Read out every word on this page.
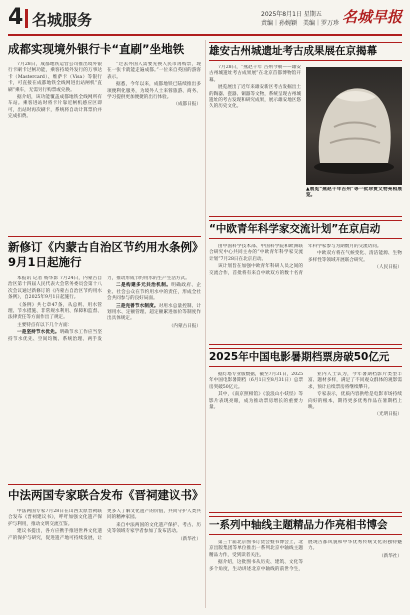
4 名城服务	2025年8月1日 星期五
责编｜孙婉颖　美编｜罗万珍 名城早报
成都实现境外银行卡“直刷”坐地铁

7月28日，成都地铁运营公司推出境外银行卡刷卡过闸功能，乘客持境外发行的万事达卡（Mastercard）、维萨卡（Visa）等银行卡，可直接在成都地铁全线网进出站闸机“直刷”乘车，无需另行购票或兑换。

据介绍，该功能覆盖成都地铁全线网所有车站。乘客进站时将卡片靠近闸机感应区即可，出站时再次刷卡，系统将自动计算票价并完成扣费。

“过去外国人需要先换人民币再购票，现在一张卡就能走遍成都。”一位来自英国的游客表示。

据悉，今年以来，成都地铁已陆续推出多项便利化服务，为境外人士来蓉旅游、商务、学习提供更加便捷的出行体验。

（成都日报）
新修订《内蒙古自治区节约用水条例》9月1日起施行

本报讯 记者 杨华影 7月24日，内蒙古自治区第十四届人民代表大会常务委员会第十八次会议通过新修订的《内蒙古自治区节约用水条例》，自2025年9月1日起施行。

《条例》共七章47条，从总则、用水管理、节水措施、非常规水利用、保障和监督、法律责任等方面作出了规定。

主要特点有以下几个方面：

一是坚持节水优先。明确节水工作应当坚持节水优先、空间均衡、系统治理、两手发力，推动形成节约用水的生产生活方式。

二是构建多元共治机制。明确政府、企业、社会公众在节约用水中的责任，形成全社会共同参与的良好局面。

三是完善节水制度。对用水总量控制、计划用水、定额管理、超定额累进加价等制度作出具体规定。

（内蒙古日报）
中法两国专家联合发布《晋祠建议书》

中法两国专家7月28日在山西太原晋祠联合发布《晋祠建议书》，呼吁加强文化遗产保护与利用，推动文明交流互鉴。

建议书提出，各方应携手推进世界文化遗产的保护与研究，促进遗产地可持续发展，让更多人了解文化遗产的价值，共同守护人类共同的精神家园。

来自中法两国的文化遗产保护、考古、历史等领域专家学者参加了发布活动。

（新华社）
雄安古州城遗址考古成果展在京揭幕

7月28日，“燕赵千年 古州今朝——雄安古州城遗址考古成果展”在北京首都博物馆开幕。

展览展出了近年来雄安新区考古发掘出土的陶器、瓷器、铜器等文物，系统呈现古州城遗址的考古发现和研究成果，展示雄安地区悠久的历史文化。

▲展览“燕赵千年古州”等一批珍贵文物亮相展览。
“中欧青年科学家交流计划”在京启动

由中国科学技术部、中国科学院和欧洲联合研究中心共同主办的“中欧青年科学家交流计划”7月28日在北京启动。

该计划旨在加强中欧青年科研人员之间的交流合作，首批将有来自中欧双方的数十名青年科学家参与为期数月的交流访问。

中欧双方将在气候变化、清洁能源、生物多样性等领域开展联合研究。

（人民日报）
2025年中国电影暑期档票房破50亿元

据灯塔专业版数据，截至7月31日，2025年中国电影暑期档（6月1日至8月31日）总票房突破50亿元。

其中，《南京照相馆》《浪浪山小妖怪》等影片表现亮眼，成为推动票房增长的重要力量。

业内人士认为，今年暑期档影片类型丰富、题材多样，满足了不同观众群体的观影需求，预计后续票房将继续攀升。

专家表示，优质内容供给是电影市场持续向好的根本，期待更多优秀作品在暑期档上映。

（光明日报）
一系列中轴线主题精品力作亮相书博会

第三十届北京图书订货会暨书博会上，北京出版集团等单位推出一系列北京中轴线主题精品力作，受到读者关注。

据介绍，这批图书从历史、建筑、文化等多个角度，生动讲述北京中轴线的前世今生，展现古都风貌和中华优秀传统文化的独特魅力。

（新华社）
